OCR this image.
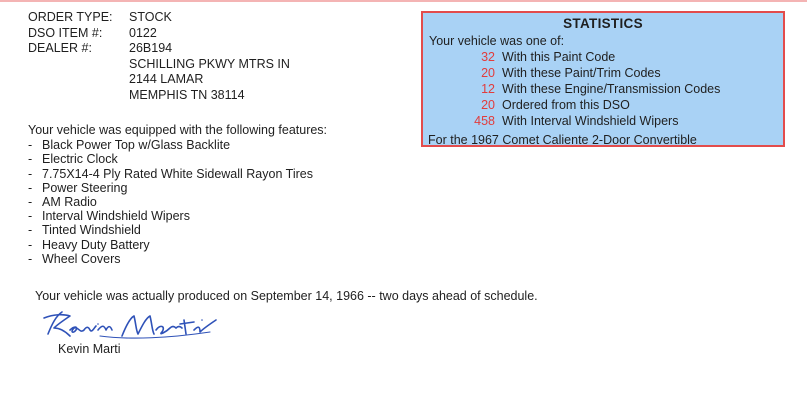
ORDER TYPE:	STOCK
DSO ITEM #:	0122
DEALER #:	26B194
SCHILLING PKWY MTRS IN
2144 LAMAR
MEMPHIS TN 38114
STATISTICS
Your vehicle was one of:
32 With this Paint Code
20 With these Paint/Trim Codes
12 With these Engine/Transmission Codes
20 Ordered from this DSO
458 With Interval Windshield Wipers
For the 1967 Comet Caliente 2-Door Convertible
Your vehicle was equipped with the following features:
- Black Power Top w/Glass Backlite
- Electric Clock
- 7.75X14-4 Ply Rated White Sidewall Rayon Tires
- Power Steering
- AM Radio
- Interval Windshield Wipers
- Tinted Windshield
- Heavy Duty Battery
- Wheel Covers
Your vehicle was actually produced on September 14, 1966 -- two days ahead of schedule.
Kevin Marti
